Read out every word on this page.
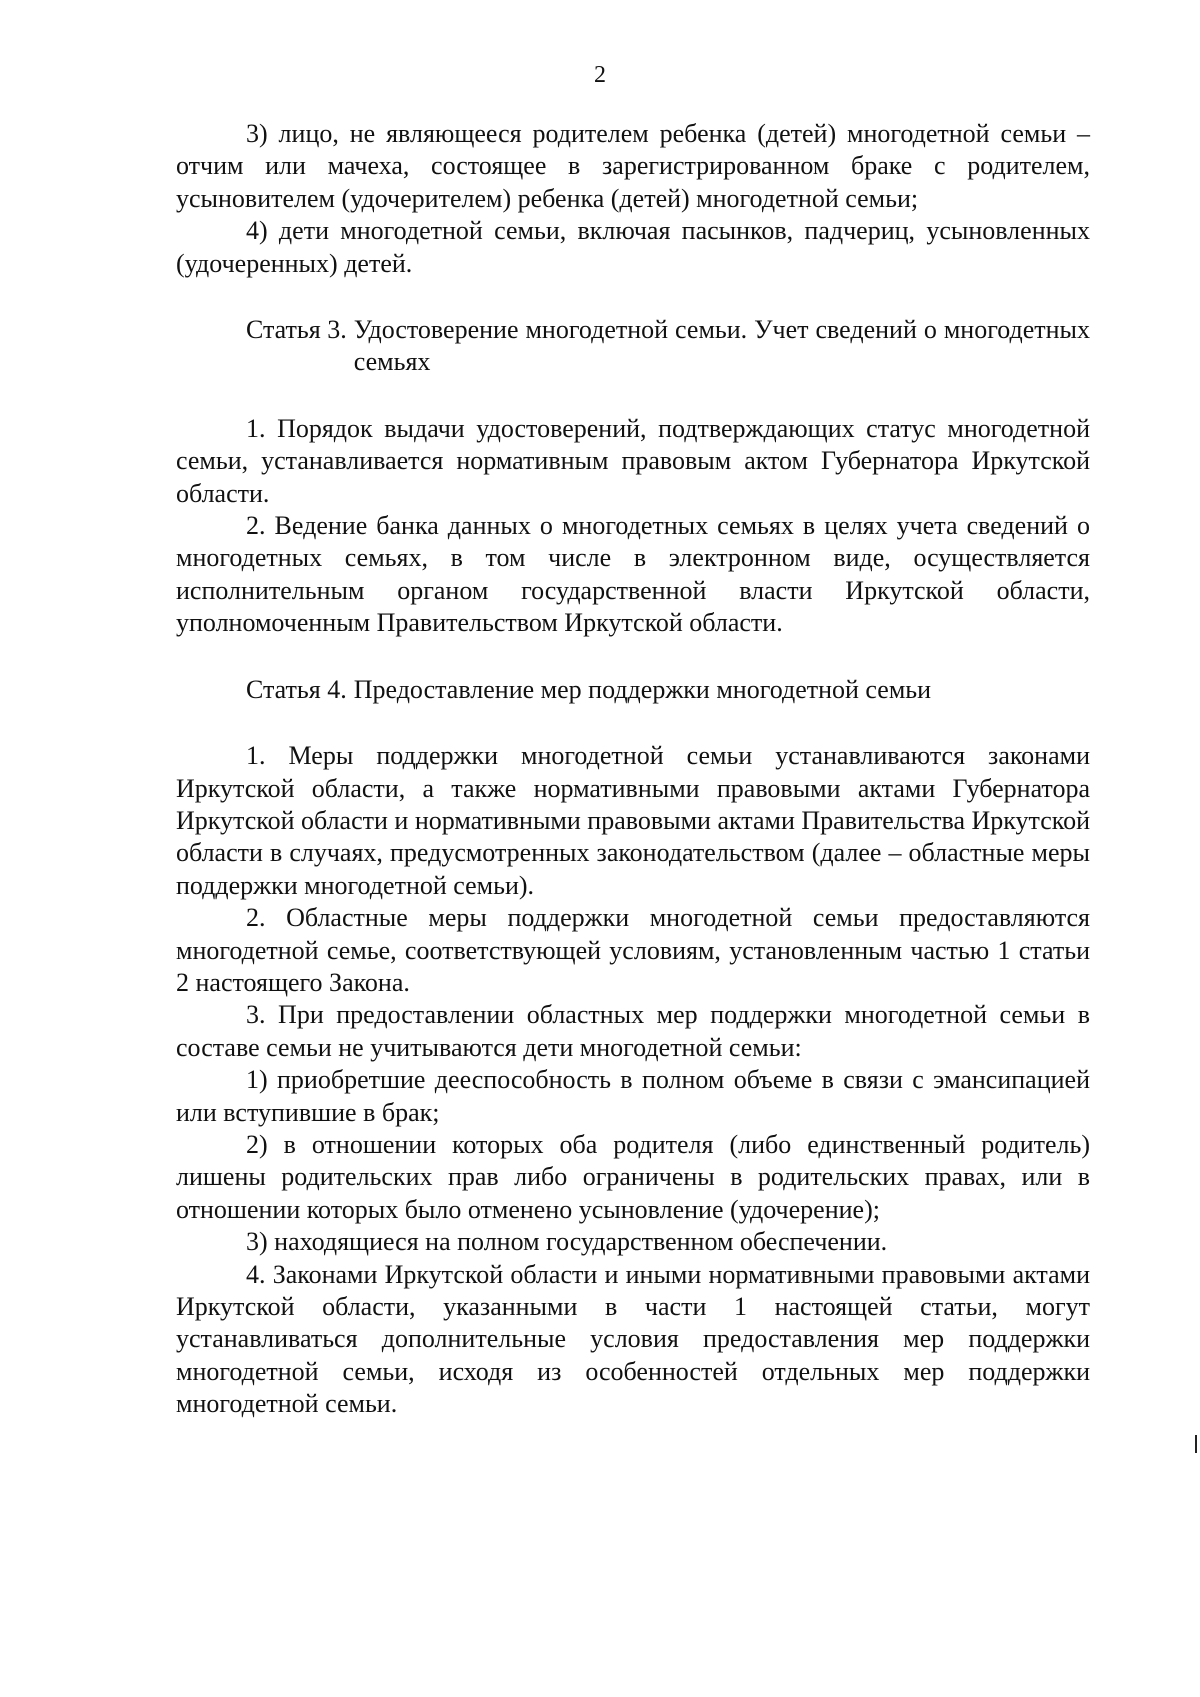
2

3) лицо, не являющееся родителем ребенка (детей) многодетной семьи – отчим или мачеха, состоящее в зарегистрированном браке с родителем, усыновителем (удочерителем) ребенка (детей) многодетной семьи;

4) дети многодетной семьи, включая пасынков, падчериц, усыновленных (удочеренных) детей.

Статья 3. Удостоверение многодетной семьи. Учет сведений о многодетных семьях

1. Порядок выдачи удостоверений, подтверждающих статус многодетной семьи, устанавливается нормативным правовым актом Губернатора Иркутской области.

2. Ведение банка данных о многодетных семьях в целях учета сведений о многодетных семьях, в том числе в электронном виде, осуществляется исполнительным органом государственной власти Иркутской области, уполномоченным Правительством Иркутской области.

Статья 4. Предоставление мер поддержки многодетной семьи

1. Меры поддержки многодетной семьи устанавливаются законами Иркутской области, а также нормативными правовыми актами Губернатора Иркутской области и нормативными правовыми актами Правительства Иркутской области в случаях, предусмотренных законодательством (далее – областные меры поддержки многодетной семьи).

2. Областные меры поддержки многодетной семьи предоставляются многодетной семье, соответствующей условиям, установленным частью 1 статьи 2 настоящего Закона.

3. При предоставлении областных мер поддержки многодетной семьи в составе семьи не учитываются дети многодетной семьи:

1) приобретшие дееспособность в полном объеме в связи с эмансипацией или вступившие в брак;

2) в отношении которых оба родителя (либо единственный родитель) лишены родительских прав либо ограничены в родительских правах, или в отношении которых было отменено усыновление (удочерение);

3) находящиеся на полном государственном обеспечении.

4. Законами Иркутской области и иными нормативными правовыми актами Иркутской области, указанными в части 1 настоящей статьи, могут устанавливаться дополнительные условия предоставления мер поддержки многодетной семьи, исходя из особенностей отдельных мер поддержки многодетной семьи.
